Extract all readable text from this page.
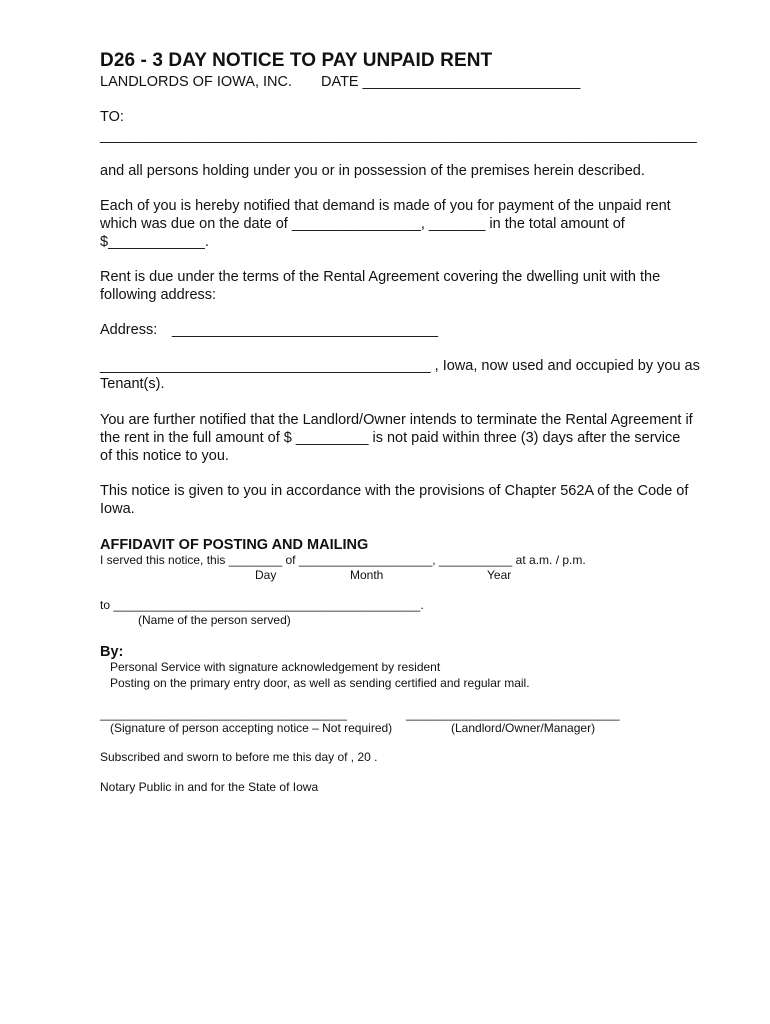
D26 - 3 DAY NOTICE TO PAY UNPAID RENT
LANDLORDS OF IOWA, INC. DATE ___________________________
TO:
__________________________________________________________________________
and all persons holding under you or in possession of the premises herein described.
Each of you is hereby notified that demand is made of you for payment of the unpaid rent
which was due on the date of ________________, _______ in the total amount of
$____________.
Rent is due under the terms of the Rental Agreement covering the dwelling unit with the
following address:
Address: _________________________________
_________________________________________ , Iowa, now used and occupied by you as
Tenant(s).
You are further notified that the Landlord/Owner intends to terminate the Rental Agreement if
the rent in the full amount of $ _________ is not paid within three (3) days after the service
of this notice to you.
This notice is given to you in accordance with the provisions of Chapter 562A of the Code of
Iowa.
AFFIDAVIT OF POSTING AND MAILING
I served this notice, this ________ of ____________________, ___________ at a.m. / p.m.
Day	Month	Year
to ______________________________________________.
(Name of the person served)
By:
Personal Service with signature acknowledgement by resident
Posting on the primary entry door, as well as sending certified and regular mail.
_____________________________________	________________________________
(Signature of person accepting notice – Not required)	(Landlord/Owner/Manager)
Subscribed and sworn to before me this day of , 20 .
Notary Public in and for the State of Iowa
